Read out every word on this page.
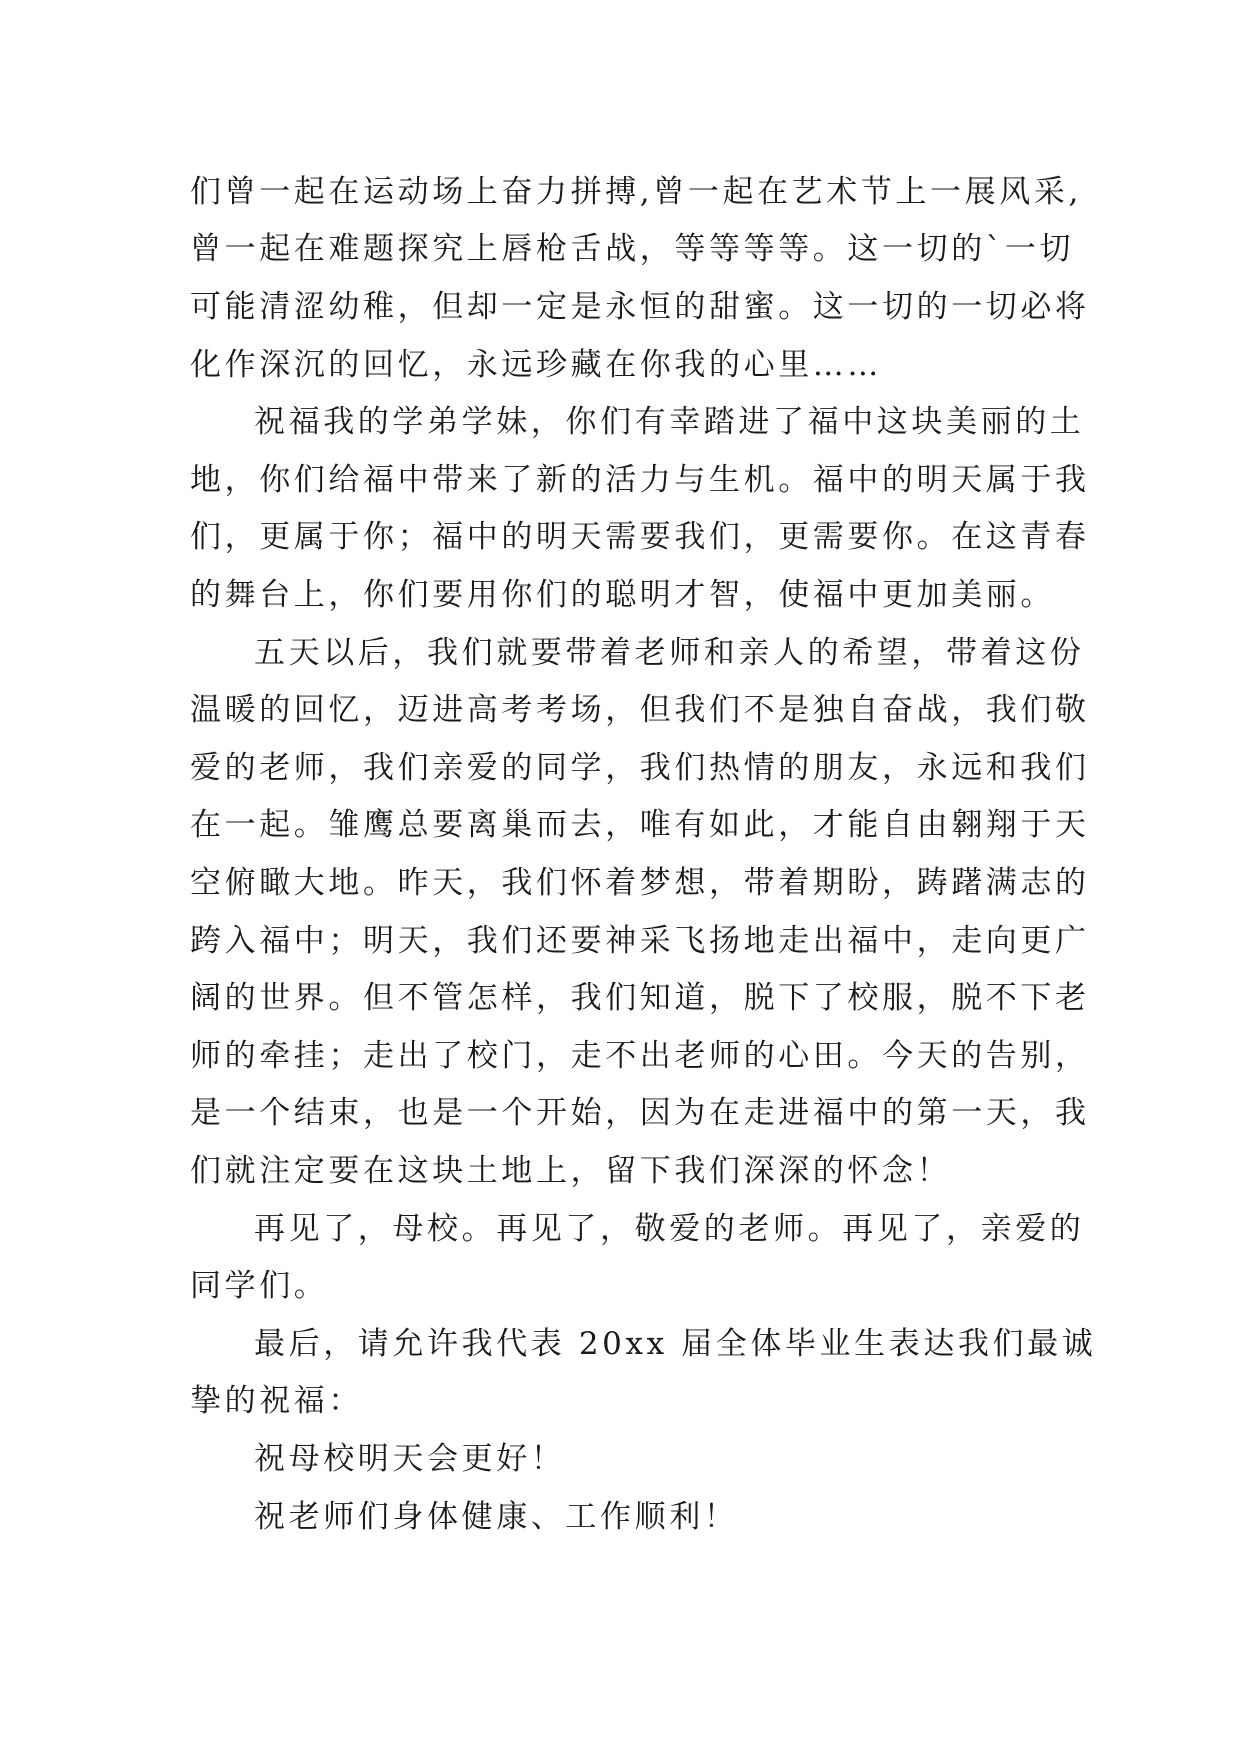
们曾一起在运动场上奋力拼搏,曾一起在艺术节上一展风采,
曾一起在难题探究上唇枪舌战，等等等等。这一切的`一切
可能清涩幼稚，但却一定是永恒的甜蜜。这一切的一切必将
化作深沉的回忆，永远珍藏在你我的心里……
祝福我的学弟学妹，你们有幸踏进了福中这块美丽的土
地，你们给福中带来了新的活力与生机。福中的明天属于我
们，更属于你；福中的明天需要我们，更需要你。在这青春
的舞台上，你们要用你们的聪明才智，使福中更加美丽。
五天以后，我们就要带着老师和亲人的希望，带着这份
温暖的回忆，迈进高考考场，但我们不是独自奋战，我们敬
爱的老师，我们亲爱的同学，我们热情的朋友，永远和我们
在一起。雏鹰总要离巢而去，唯有如此，才能自由翱翔于天
空俯瞰大地。昨天，我们怀着梦想，带着期盼，踌躇满志的
跨入福中；明天，我们还要神采飞扬地走出福中，走向更广
阔的世界。但不管怎样，我们知道，脱下了校服，脱不下老
师的牵挂；走出了校门，走不出老师的心田。今天的告别，
是一个结束，也是一个开始，因为在走进福中的第一天，我
们就注定要在这块土地上，留下我们深深的怀念！
再见了，母校。再见了，敬爱的老师。再见了，亲爱的
同学们。
最后，请允许我代表 20xx 届全体毕业生表达我们最诚
挚的祝福：
祝母校明天会更好！
祝老师们身体健康、工作顺利！
